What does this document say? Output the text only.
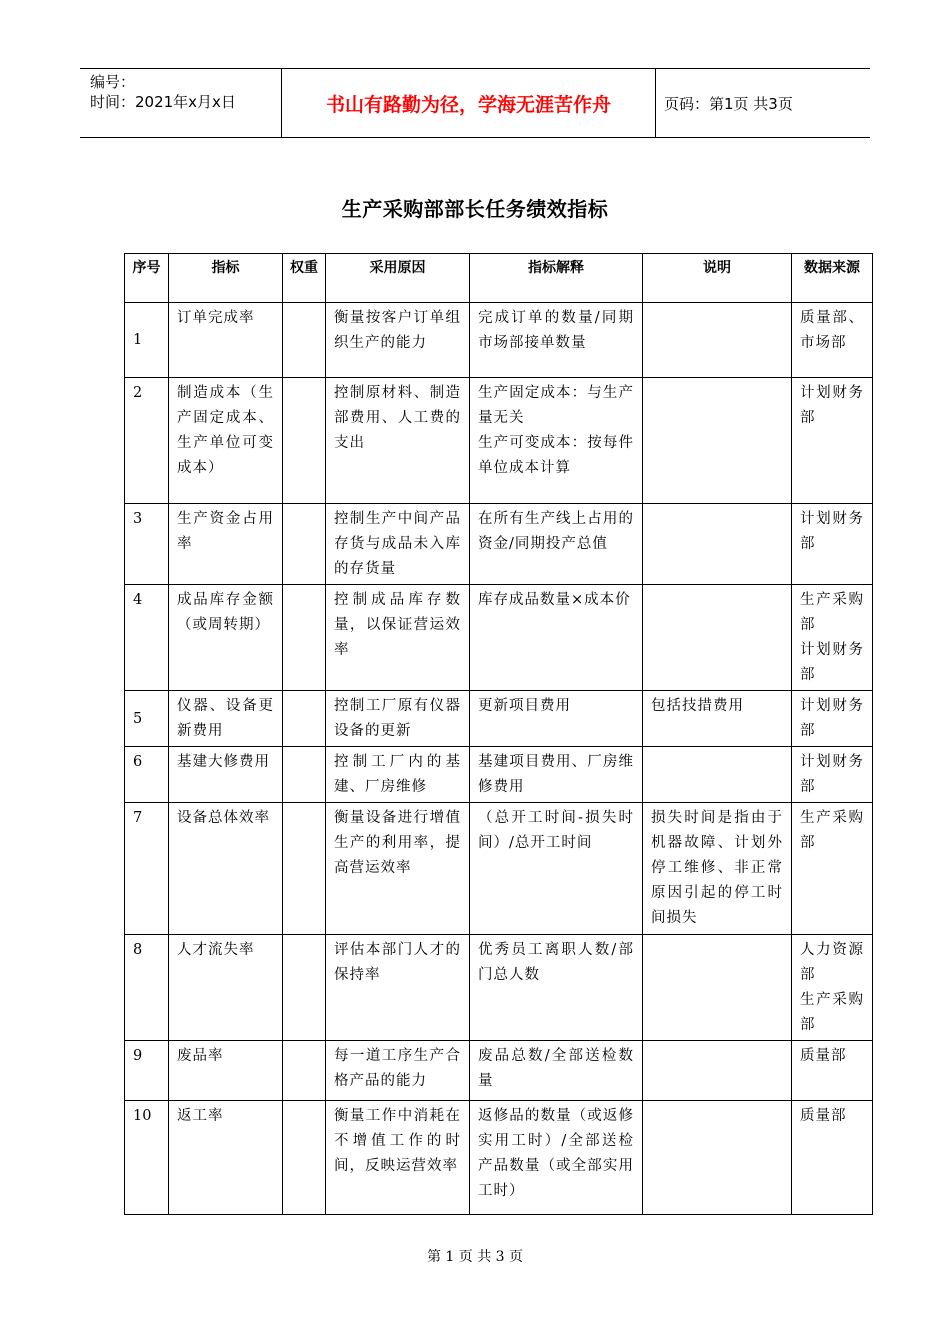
编号：
时间：2021年x月x日	书山有路勤为径，学海无涯苦作舟	页码：第1页 共3页
生产采购部部长任务绩效指标
序号	指标	权重	采用原因	指标解释	说明	数据来源
1	订单完成率		衡量按客户订单组织生产的能力	完成订单的数量/同期市场部接单数量		质量部、市场部
2	制造成本（生产固定成本、生产单位可变成本）		控制原材料、制造部费用、人工费的支出	生产固定成本：与生产量无关
生产可变成本：按每件单位成本计算		计划财务部
3	生产资金占用率		控制生产中间产品存货与成品未入库的存货量	在所有生产线上占用的资金/同期投产总值		计划财务部
4	成品库存金额（或周转期）		控制成品库存数量，以保证营运效率	库存成品数量×成本价		生产采购部
计划财务部
5	仪器、设备更新费用		控制工厂原有仪器设备的更新	更新项目费用	包括技措费用	计划财务部
6	基建大修费用		控制工厂内的基建、厂房维修	基建项目费用、厂房维修费用		计划财务部
7	设备总体效率		衡量设备进行增值生产的利用率，提高营运效率	（总开工时间-损失时间）/总开工时间	损失时间是指由于机器故障、计划外停工维修、非正常原因引起的停工时间损失	生产采购部
8	人才流失率		评估本部门人才的保持率	优秀员工离职人数/部门总人数		人力资源部
生产采购部
9	废品率		每一道工序生产合格产品的能力	废品总数/全部送检数量		质量部
10	返工率		衡量工作中消耗在不增值工作的时间，反映运营效率	返修品的数量（或返修实用工时）/全部送检产品数量（或全部实用工时）		质量部
第 1 页 共 3 页
